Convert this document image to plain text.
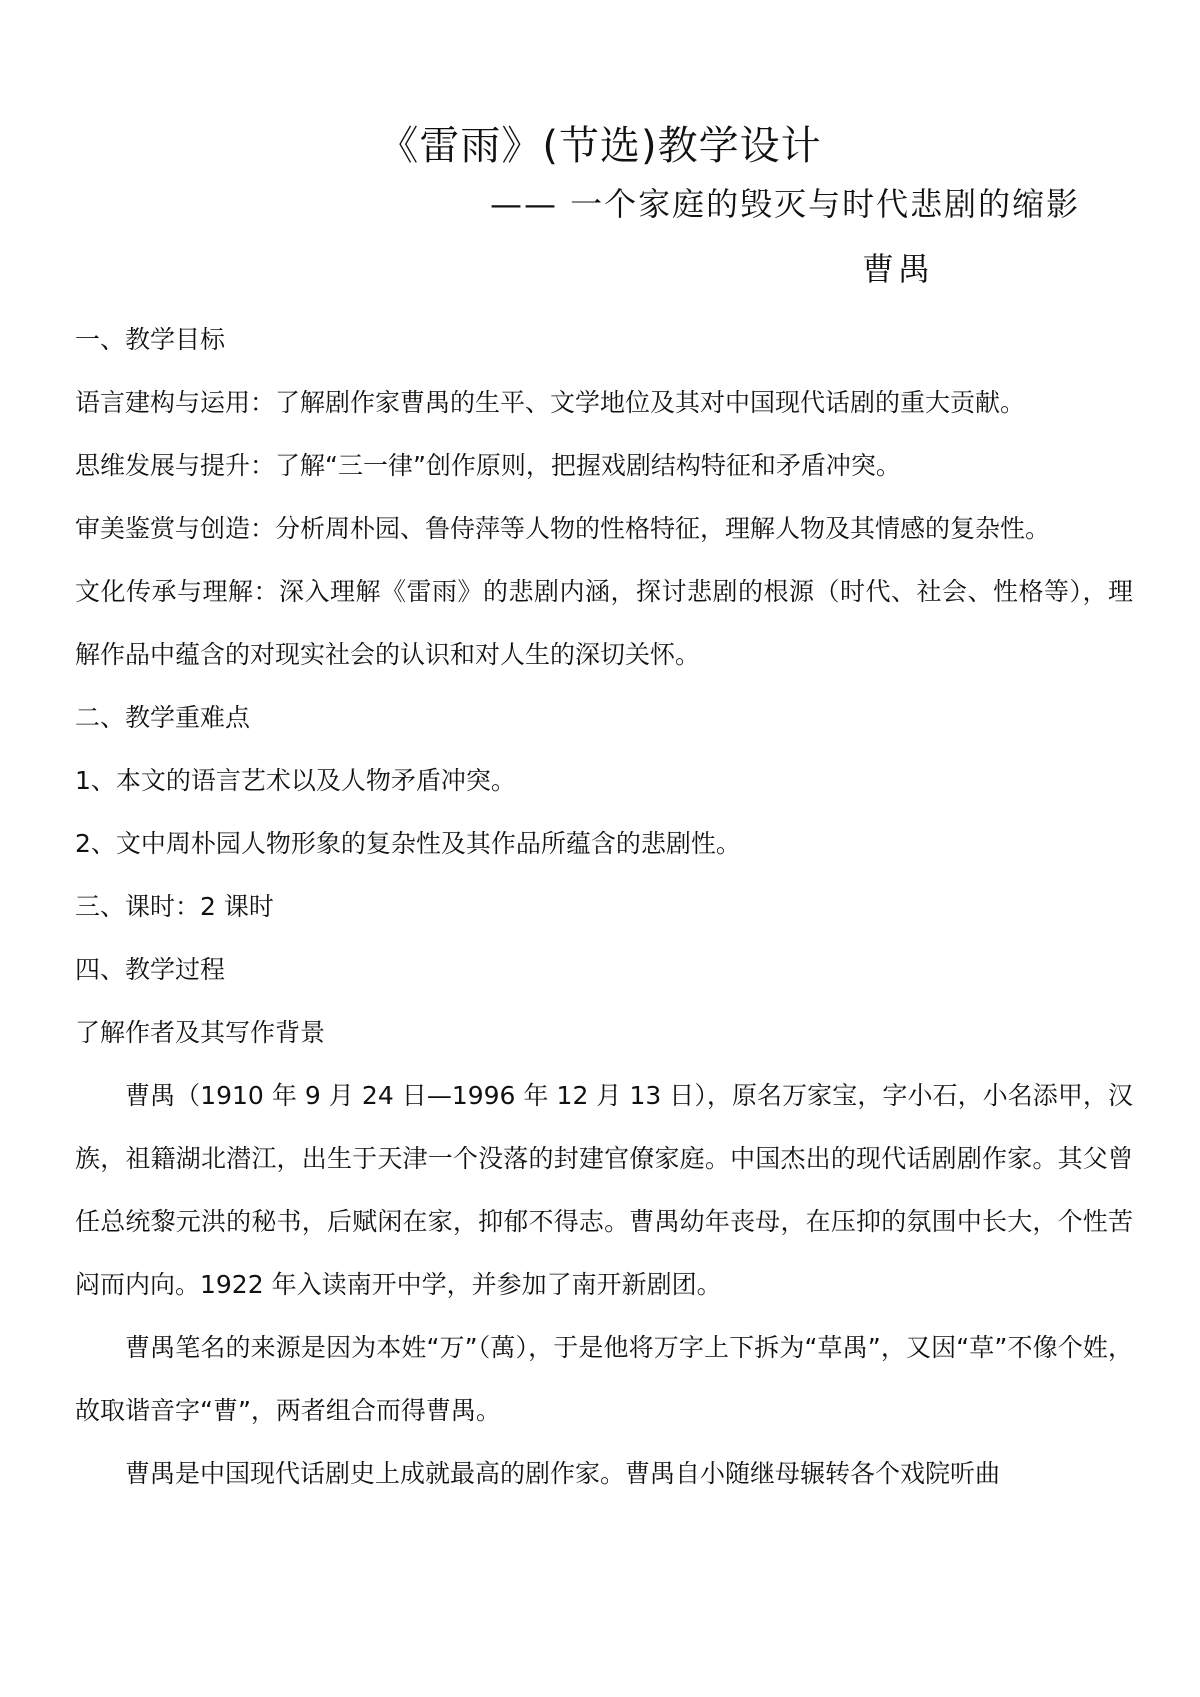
《雷雨》(节选)教学设计
—— 一个家庭的毁灭与时代悲剧的缩影
曹禺

一、教学目标

语言建构与运用：了解剧作家曹禺的生平、文学地位及其对中国现代话剧的重大贡献。

思维发展与提升：了解“三一律”创作原则，把握戏剧结构特征和矛盾冲突。

审美鉴赏与创造：分析周朴园、鲁侍萍等人物的性格特征，理解人物及其情感的复杂性。

文化传承与理解：深入理解《雷雨》的悲剧内涵，探讨悲剧的根源（时代、社会、性格等），理解作品中蕴含的对现实社会的认识和对人生的深切关怀。

二、教学重难点

1、本文的语言艺术以及人物矛盾冲突。

2、文中周朴园人物形象的复杂性及其作品所蕴含的悲剧性。

三、课时：2 课时

四、教学过程

了解作者及其写作背景

曹禺（1910 年 9 月 24 日—1996 年 12 月 13 日），原名万家宝，字小石，小名添甲，汉族，祖籍湖北潜江，出生于天津一个没落的封建官僚家庭。中国杰出的现代话剧剧作家。其父曾任总统黎元洪的秘书，后赋闲在家，抑郁不得志。曹禺幼年丧母，在压抑的氛围中长大，个性苦闷而内向。1922 年入读南开中学，并参加了南开新剧团。

曹禺笔名的来源是因为本姓“万”（萬），于是他将万字上下拆为“草禺”，又因“草”不像个姓，故取谐音字“曹”，两者组合而得曹禺。

曹禺是中国现代话剧史上成就最高的剧作家。曹禺自小随继母辗转各个戏院听曲
